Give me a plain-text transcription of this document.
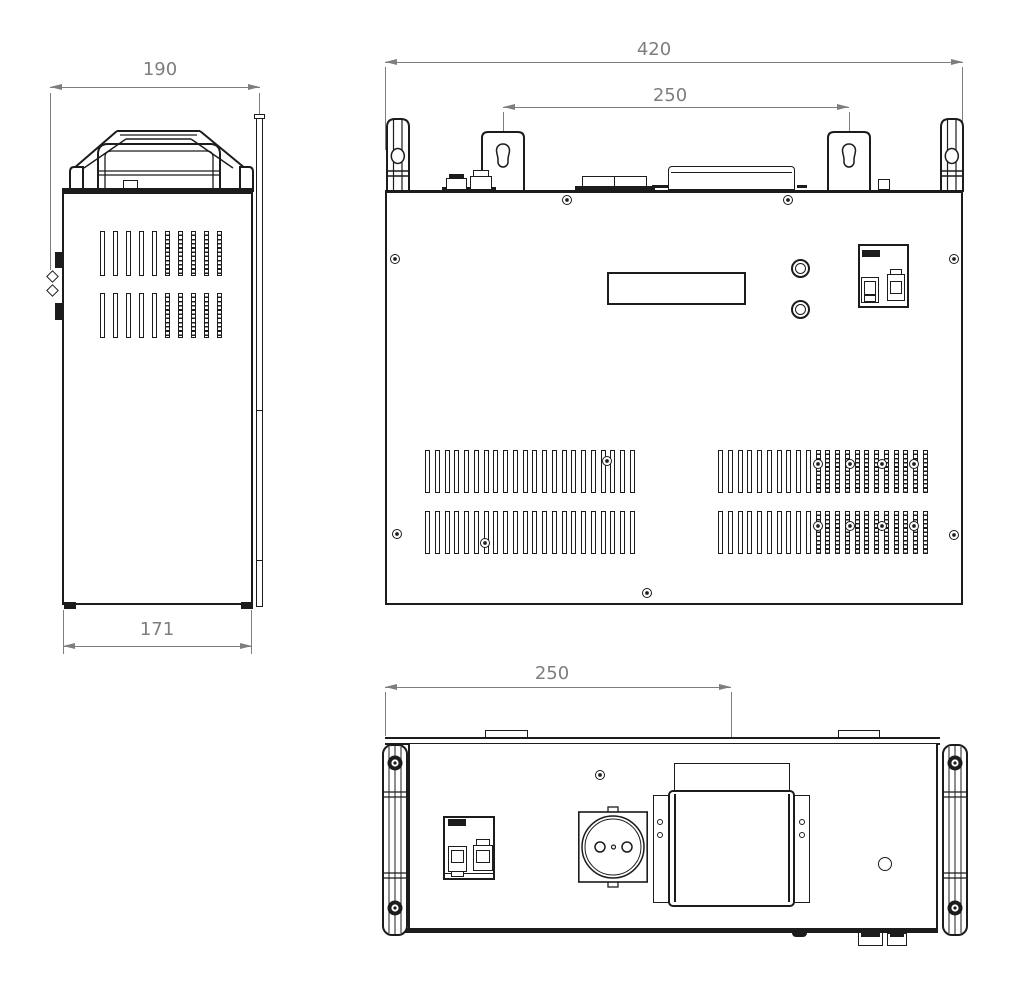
190
171
420
250
250
